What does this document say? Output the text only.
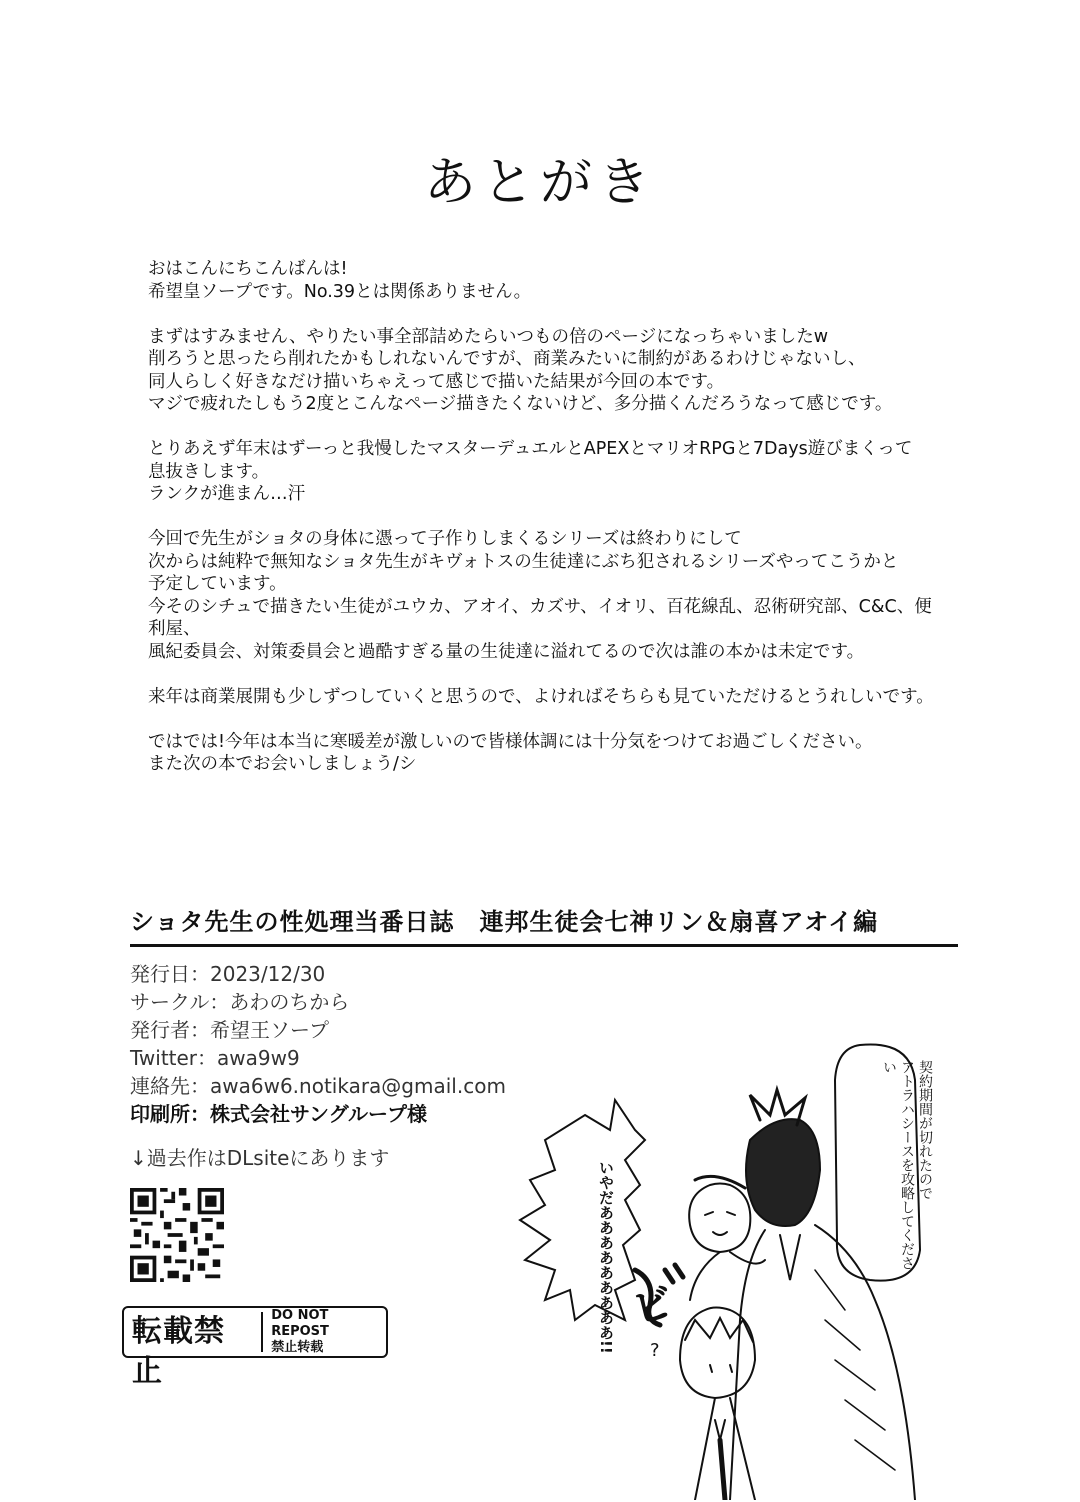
あとがき

おはこんにちこんばんは!
希望皇ソープです。No.39とは関係ありません。

まずはすみません、やりたい事全部詰めたらいつもの倍のページになっちゃいましたw
削ろうと思ったら削れたかもしれないんですが、商業みたいに制約があるわけじゃないし、
同人らしく好きなだけ描いちゃえって感じで描いた結果が今回の本です。
マジで疲れたしもう2度とこんなページ描きたくないけど、多分描くんだろうなって感じです。

とりあえず年末はずーっと我慢したマスターデュエルとAPEXとマリオRPGと7Days遊びまくって
息抜きします。
ランクが進まん…汗

今回で先生がショタの身体に憑って子作りしまくるシリーズは終わりにして
次からは純粋で無知なショタ先生がキヴォトスの生徒達にぶち犯されるシリーズやってこうかと
予定しています。
今そのシチュで描きたい生徒がユウカ、アオイ、カズサ、イオリ、百花線乱、忍術研究部、C&C、便利屋、
風紀委員会、対策委員会と過酷すぎる量の生徒達に溢れてるので次は誰の本かは未定です。

来年は商業展開も少しずつしていくと思うので、よければそちらも見ていただけるとうれしいです。

ではでは!今年は本当に寒暖差が激しいので皆様体調には十分気をつけてお過ごしください。
また次の本でお会いしましょう/シ

ショタ先生の性処理当番日誌　連邦生徒会七神リン＆扇喜アオイ編
発行日：2023/12/30
サークル：あわのちから
発行者：希望王ソープ
Twitter：awa9w9
連絡先：awa6w6.notikara@gmail.com
印刷所：株式会社サングループ様
↓過去作はDLsiteにあります
転載禁止
DO NOT REPOST
禁止转载
契約期間が切れたので
アトラハシースを攻略してください
いやだあああああああああ!! ビ
?
